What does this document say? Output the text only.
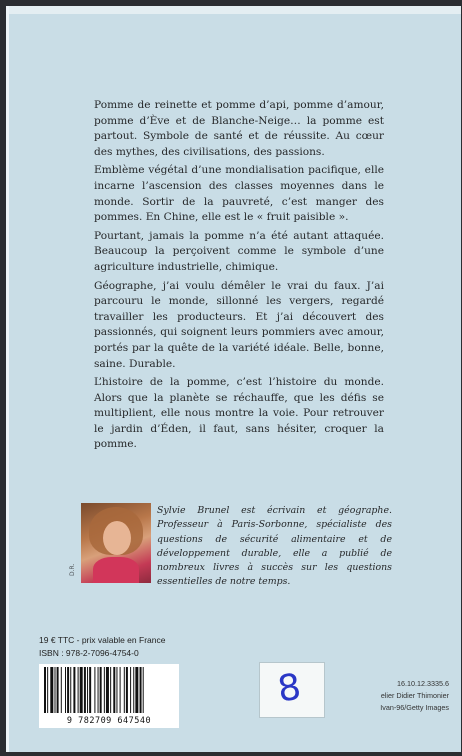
Pomme de reinette et pomme d’api, pomme d’amour, pomme d’Ève et de Blanche-Neige… la pomme est partout. Symbole de santé et de réussite. Au cœur des mythes, des civilisations, des passions.

Emblème végétal d’une mondialisation pacifique, elle incarne l’ascension des classes moyennes dans le monde. Sortir de la pauvreté, c’est manger des pommes. En Chine, elle est le « fruit paisible ».

Pourtant, jamais la pomme n’a été autant attaquée. Beaucoup la perçoivent comme le symbole d’une agriculture industrielle, chimique.

Géographe, j’ai voulu démêler le vrai du faux. J’ai parcouru le monde, sillonné les vergers, regardé travailler les producteurs. Et j’ai découvert des passionnés, qui soignent leurs pommiers avec amour, portés par la quête de la variété idéale. Belle, bonne, saine. Durable.

L’histoire de la pomme, c’est l’histoire du monde. Alors que la planète se réchauffe, que les défis se multiplient, elle nous montre la voie. Pour retrouver le jardin d’Éden, il faut, sans hésiter, croquer la pomme.

D.R.
Sylvie Brunel est écrivain et géographe. Professeur à Paris-Sorbonne, spécialiste des questions de sécurité alimentaire et de développement durable, elle a publié de nombreux livres à succès sur les questions essentielles de notre temps.
19 € TTC - prix valable en France
ISBN : 978-2-7096-4754-0
9 782709 647540
8	16.10.12.3335.6
elier Didier Thimonier
Ivan-96/Getty Images
